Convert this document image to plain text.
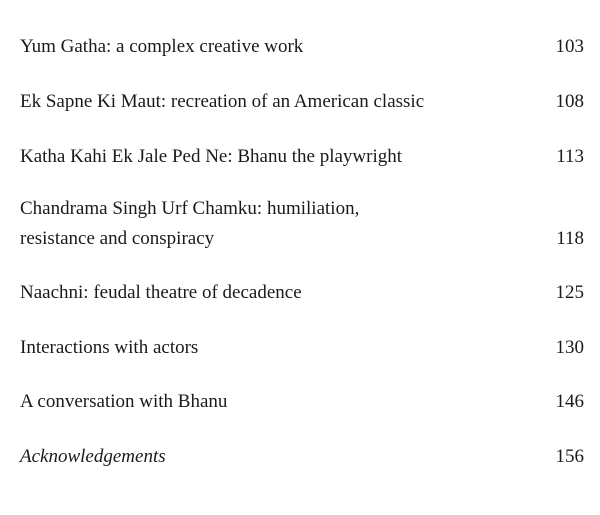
Yum Gatha: a complex creative work	103
Ek Sapne Ki Maut: recreation of an American classic	108
Katha Kahi Ek Jale Ped Ne: Bhanu the playwright	113
Chandrama Singh Urf Chamku: humiliation,
resistance and conspiracy	118
Naachni: feudal theatre of decadence	125
Interactions with actors	130
A conversation with Bhanu	146
Acknowledgements	156
